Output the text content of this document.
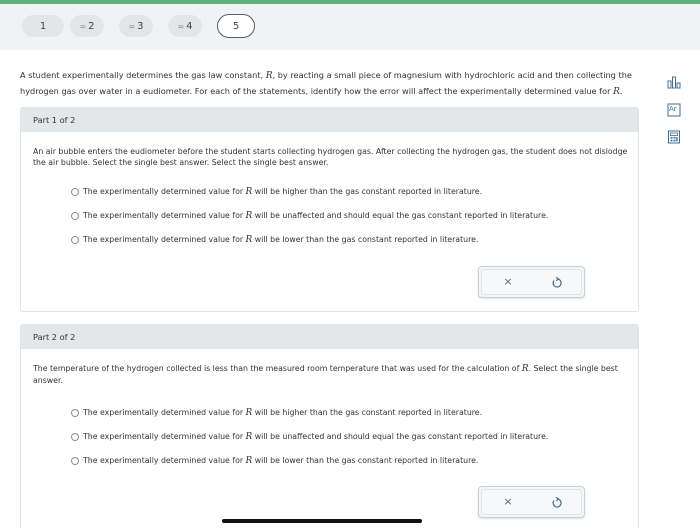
1	= 2	= 3	= 4	5
Ar
A student experimentally determines the gas law constant, R, by reacting a small piece of magnesium with hydrochloric acid and then collecting the hydrogen gas over water in a eudiometer. For each of the statements, identify how the error will affect the experimentally determined value for R.
Part 1 of 2
An air bubble enters the eudiometer before the student starts collecting hydrogen gas. After collecting the hydrogen gas, the student does not dislodge the air bubble. Select the single best answer. Select the single best answer.
The experimentally determined value for R will be higher than the gas constant reported in literature.
The experimentally determined value for R will be unaffected and should equal the gas constant reported in literature.
The experimentally determined value for R will be lower than the gas constant reported in literature.
×
Part 2 of 2
The temperature of the hydrogen collected is less than the measured room temperature that was used for the calculation of R. Select the single best answer.
The experimentally determined value for R will be higher than the gas constant reported in literature.
The experimentally determined value for R will be unaffected and should equal the gas constant reported in literature.
The experimentally determined value for R will be lower than the gas constant reported in literature.
×
